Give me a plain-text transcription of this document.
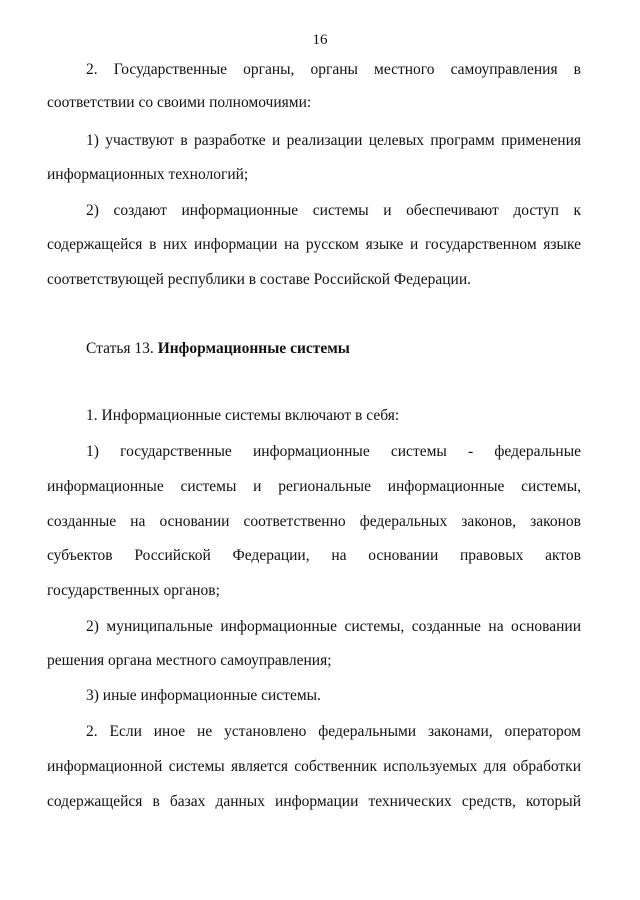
16
2. Государственные органы, органы местного самоуправления в
соответствии со своими полномочиями:
1) участвуют в разработке и реализации целевых программ применения
информационных технологий;
2) создают информационные системы и обеспечивают доступ к
содержащейся в них информации на русском языке и государственном языке
соответствующей республики в составе Российской Федерации.
Статья 13. Информационные системы
1. Информационные системы включают в себя:
1) государственные информационные системы - федеральные
информационные системы и региональные информационные системы,
созданные на основании соответственно федеральных законов, законов
субъектов Российской Федерации, на основании правовых актов
государственных органов;
2) муниципальные информационные системы, созданные на основании
решения органа местного самоуправления;
3) иные информационные системы.
2. Если иное не установлено федеральными законами, оператором
информационной системы является собственник используемых для обработки
содержащейся в базах данных информации технических средств, который
